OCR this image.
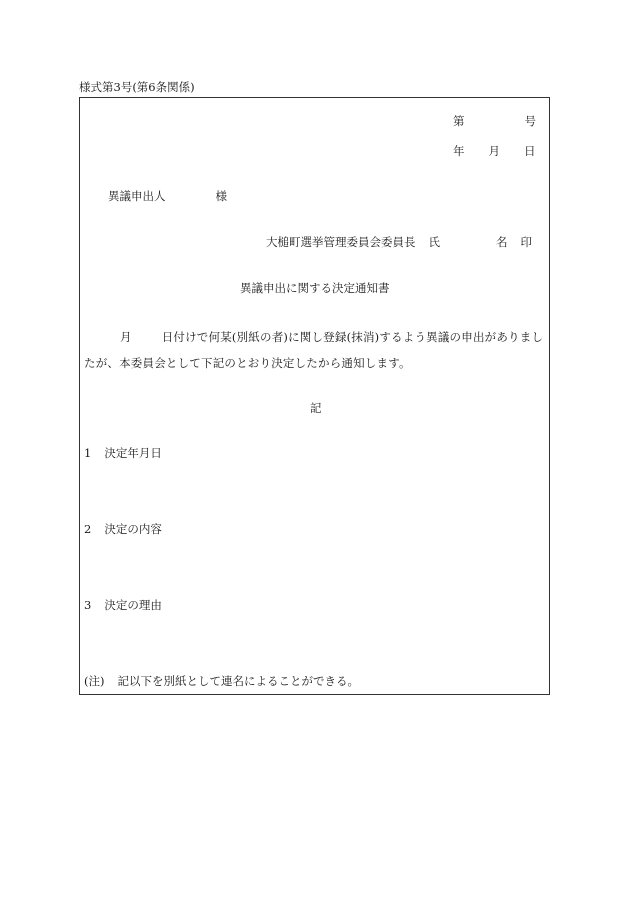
様式第3号(第6条関係)
第	号
年 月 日
異議申出人	様
大槌町選挙管理委員会委員長 氏	名 印
異議申出に関する決定通知書
月	日付けで何某(別紙の者)に関し登録(抹消)するよう異議の申出がありまし
たが、本委員会として下記のとおり決定したから通知します。
記
1 決定年月日
2 決定の内容
3 決定の理由
(注) 記以下を別紙として連名によることができる。
